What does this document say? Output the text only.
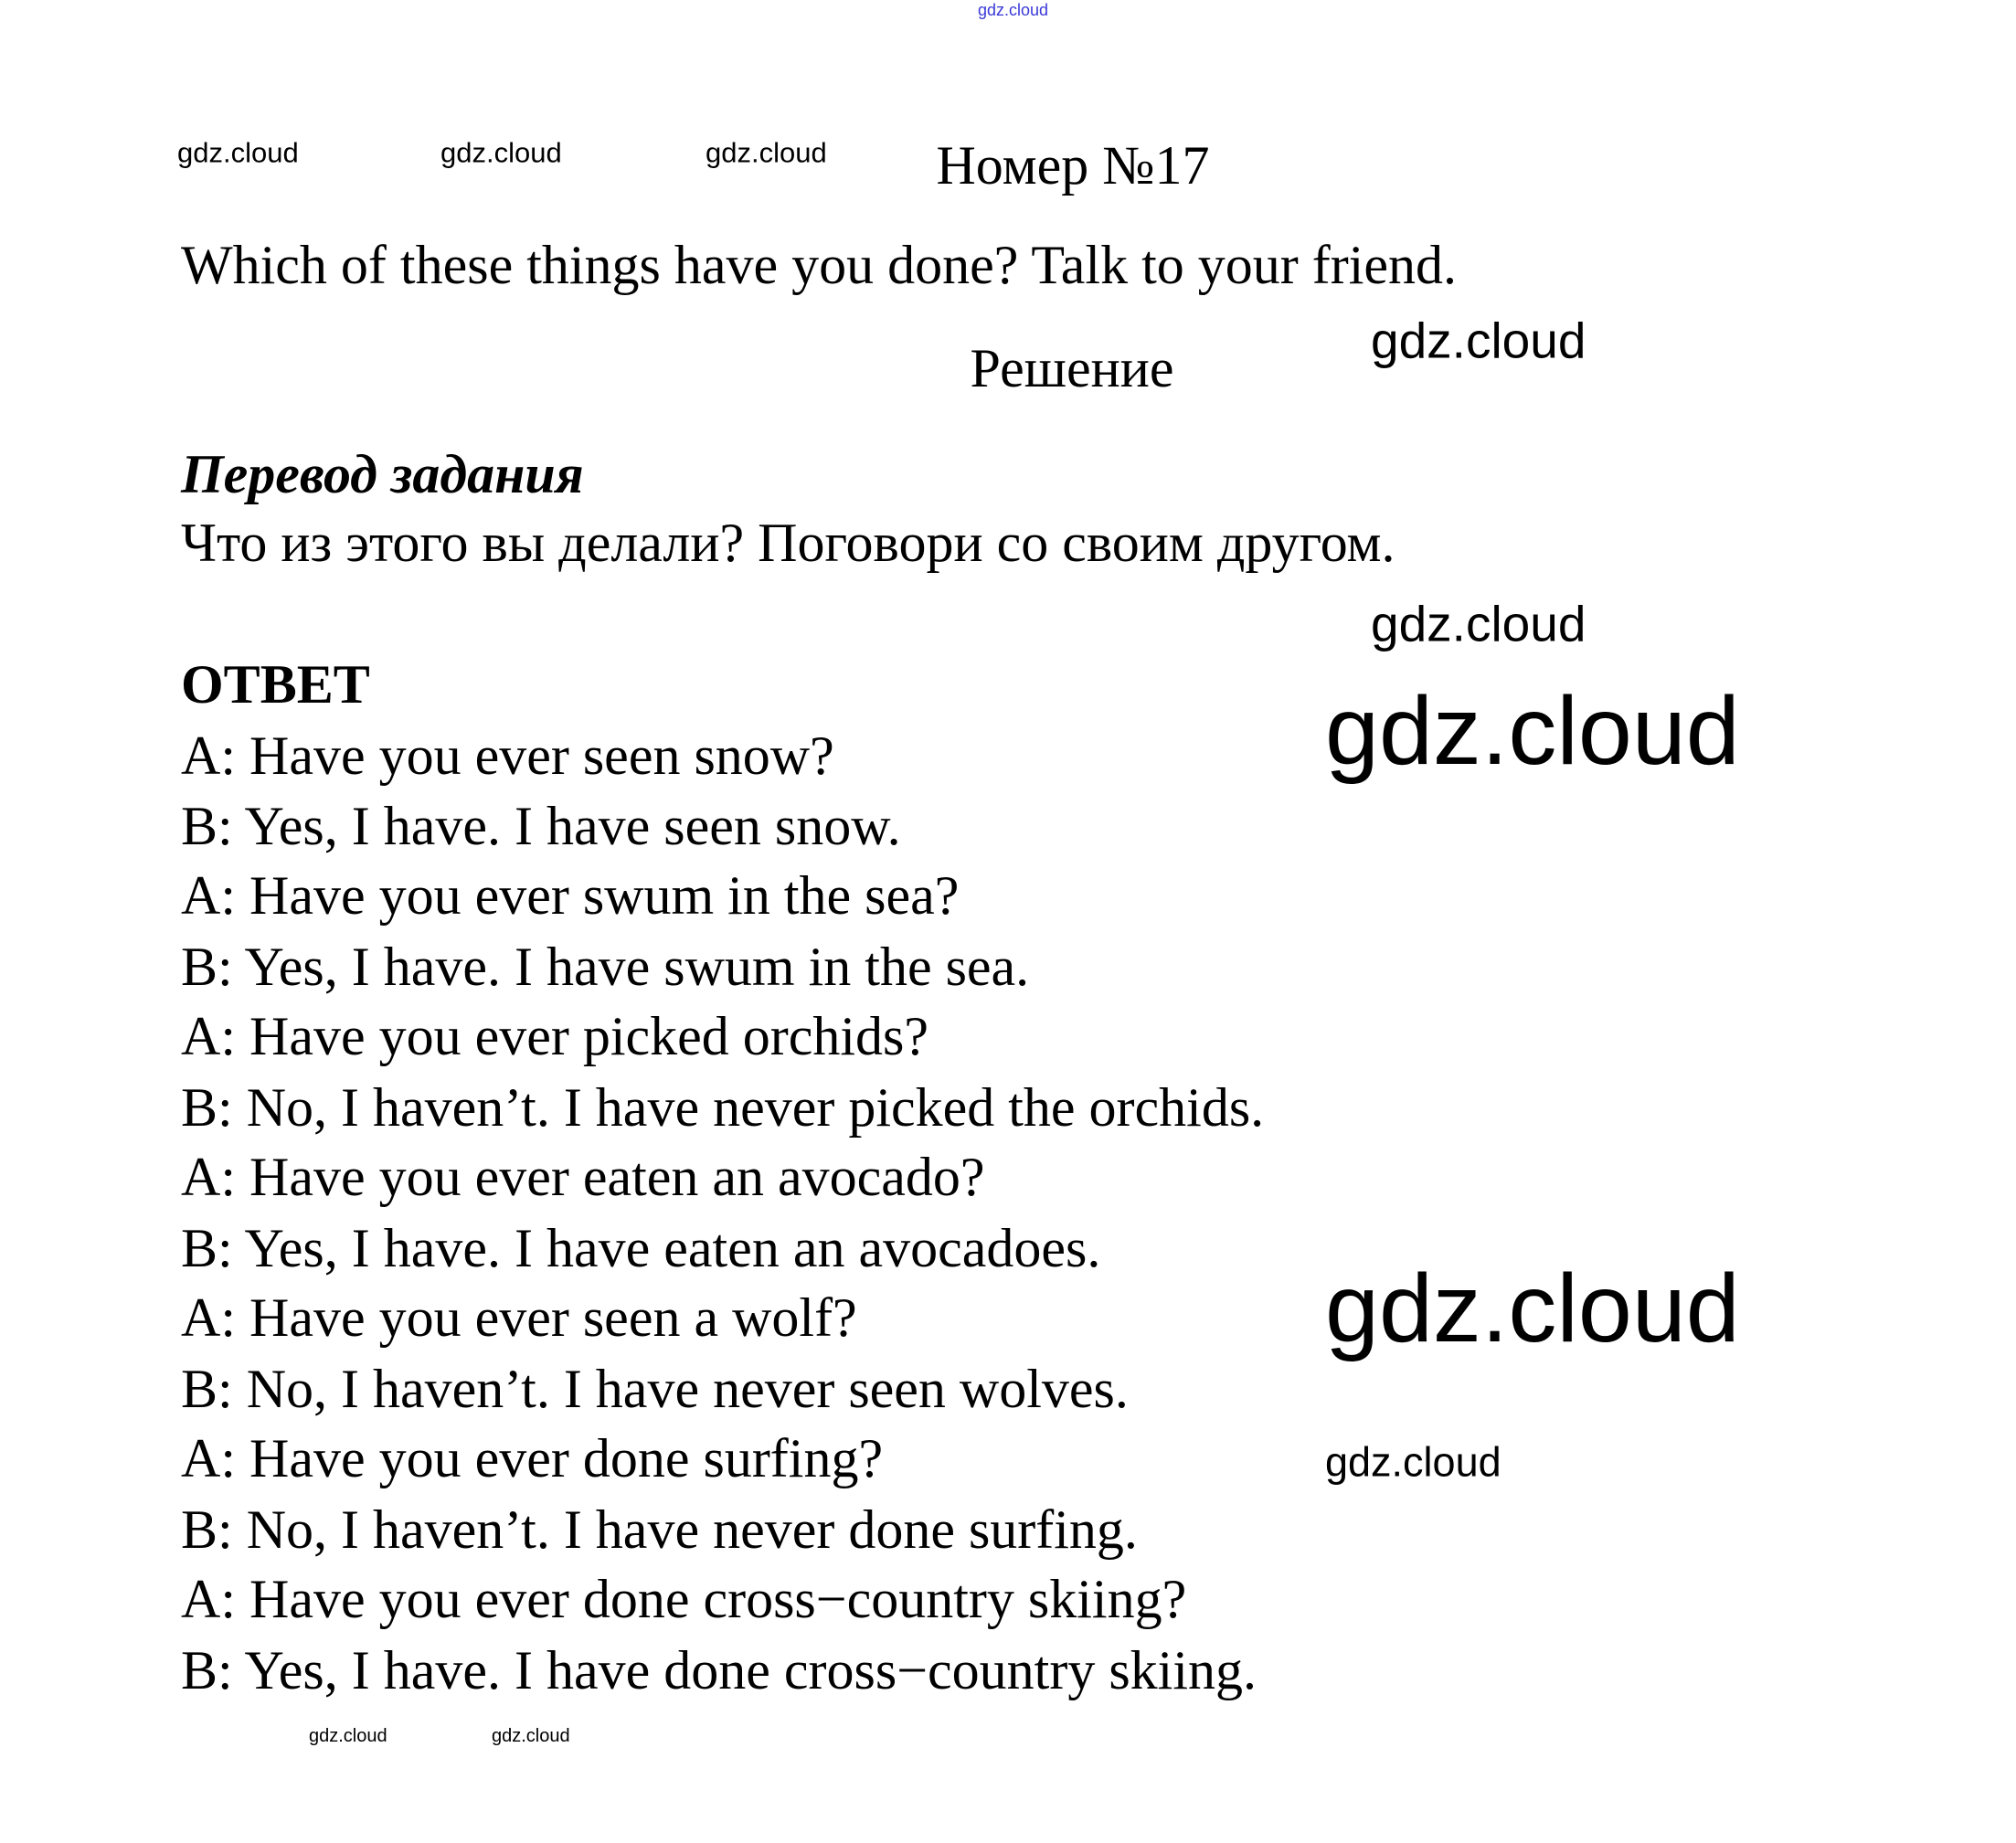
gdz.cloud
gdz.cloud	gdz.cloud	gdz.cloud Номер №17
Which of these things have you done? Talk to your friend.
Решение	gdz.cloud
Перевод задания
Что из этого вы делали? Поговори со своим другом.
gdz.cloud
ОТВЕТ	gdz.cloud
A: Have you ever seen snow?
B: Yes, I have. I have seen snow.
A: Have you ever swum in the sea?
B: Yes, I have. I have swum in the sea.
A: Have you ever picked orchids?
B: No, I haven’t. I have never picked the orchids.
A: Have you ever eaten an avocado?
B: Yes, I have. I have eaten an avocadoes.
A: Have you ever seen a wolf?
B: No, I haven’t. I have never seen wolves.
A: Have you ever done surfing?
B: No, I haven’t. I have never done surfing.
A: Have you ever done cross−country skiing?
B: Yes, I have. I have done cross−country skiing.
gdz.cloud
gdz.cloud
gdz.cloud	gdz.cloud
